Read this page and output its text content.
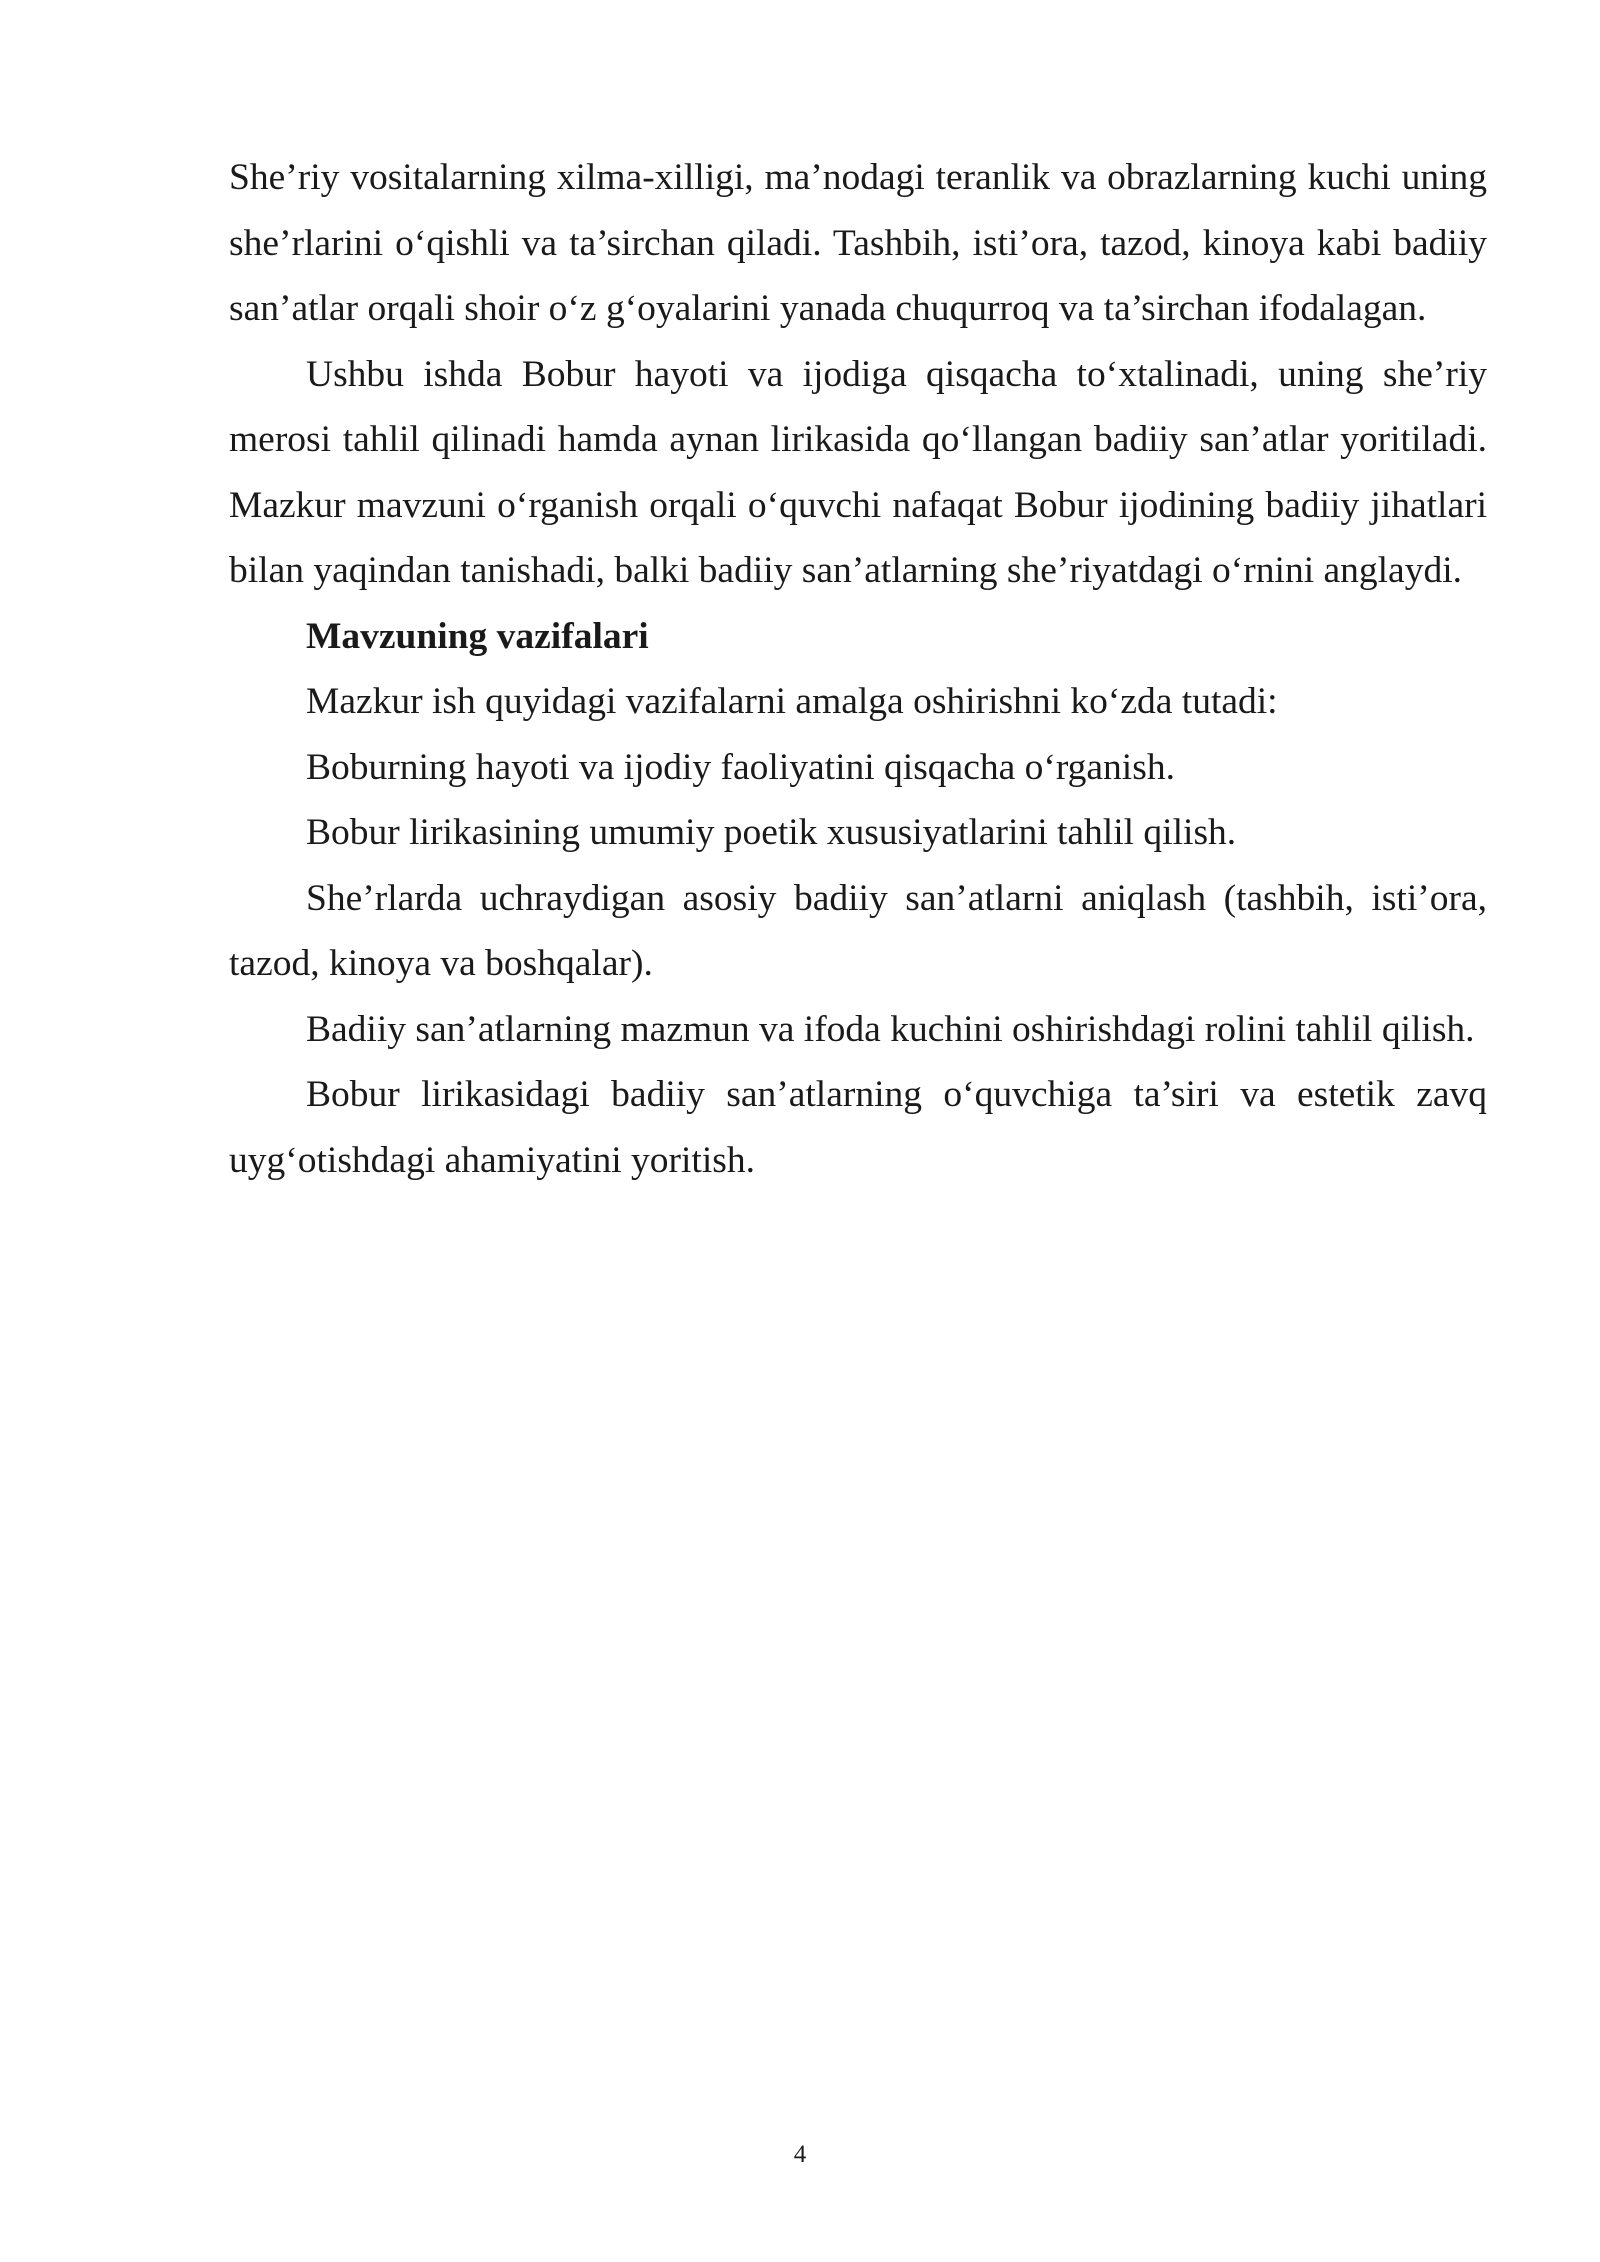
She’riy vositalarning xilma-xilligi, ma’nodagi teranlik va obrazlarning kuchi uning she’rlarini o‘qishli va ta’sirchan qiladi. Tashbih, isti’ora, tazod, kinoya kabi badiiy san’atlar orqali shoir o‘z g‘oyalarini yanada chuqurroq va ta’sirchan ifodalagan.

Ushbu ishda Bobur hayoti va ijodiga qisqacha to‘xtalinadi, uning she’riy merosi tahlil qilinadi hamda aynan lirikasida qo‘llangan badiiy san’atlar yoritiladi. Mazkur mavzuni o‘rganish orqali o‘quvchi nafaqat Bobur ijodining badiiy jihatlari bilan yaqindan tanishadi, balki badiiy san’atlarning she’riyatdagi o‘rnini anglaydi.

Mavzuning vazifalari

Mazkur ish quyidagi vazifalarni amalga oshirishni ko‘zda tutadi:

Boburning hayoti va ijodiy faoliyatini qisqacha o‘rganish.

Bobur lirikasining umumiy poetik xususiyatlarini tahlil qilish.

She’rlarda uchraydigan asosiy badiiy san’atlarni aniqlash (tashbih, isti’ora, tazod, kinoya va boshqalar).

Badiiy san’atlarning mazmun va ifoda kuchini oshirishdagi rolini tahlil qilish.

Bobur lirikasidagi badiiy san’atlarning o‘quvchiga ta’siri va estetik zavq uyg‘otishdagi ahamiyatini yoritish.

4
